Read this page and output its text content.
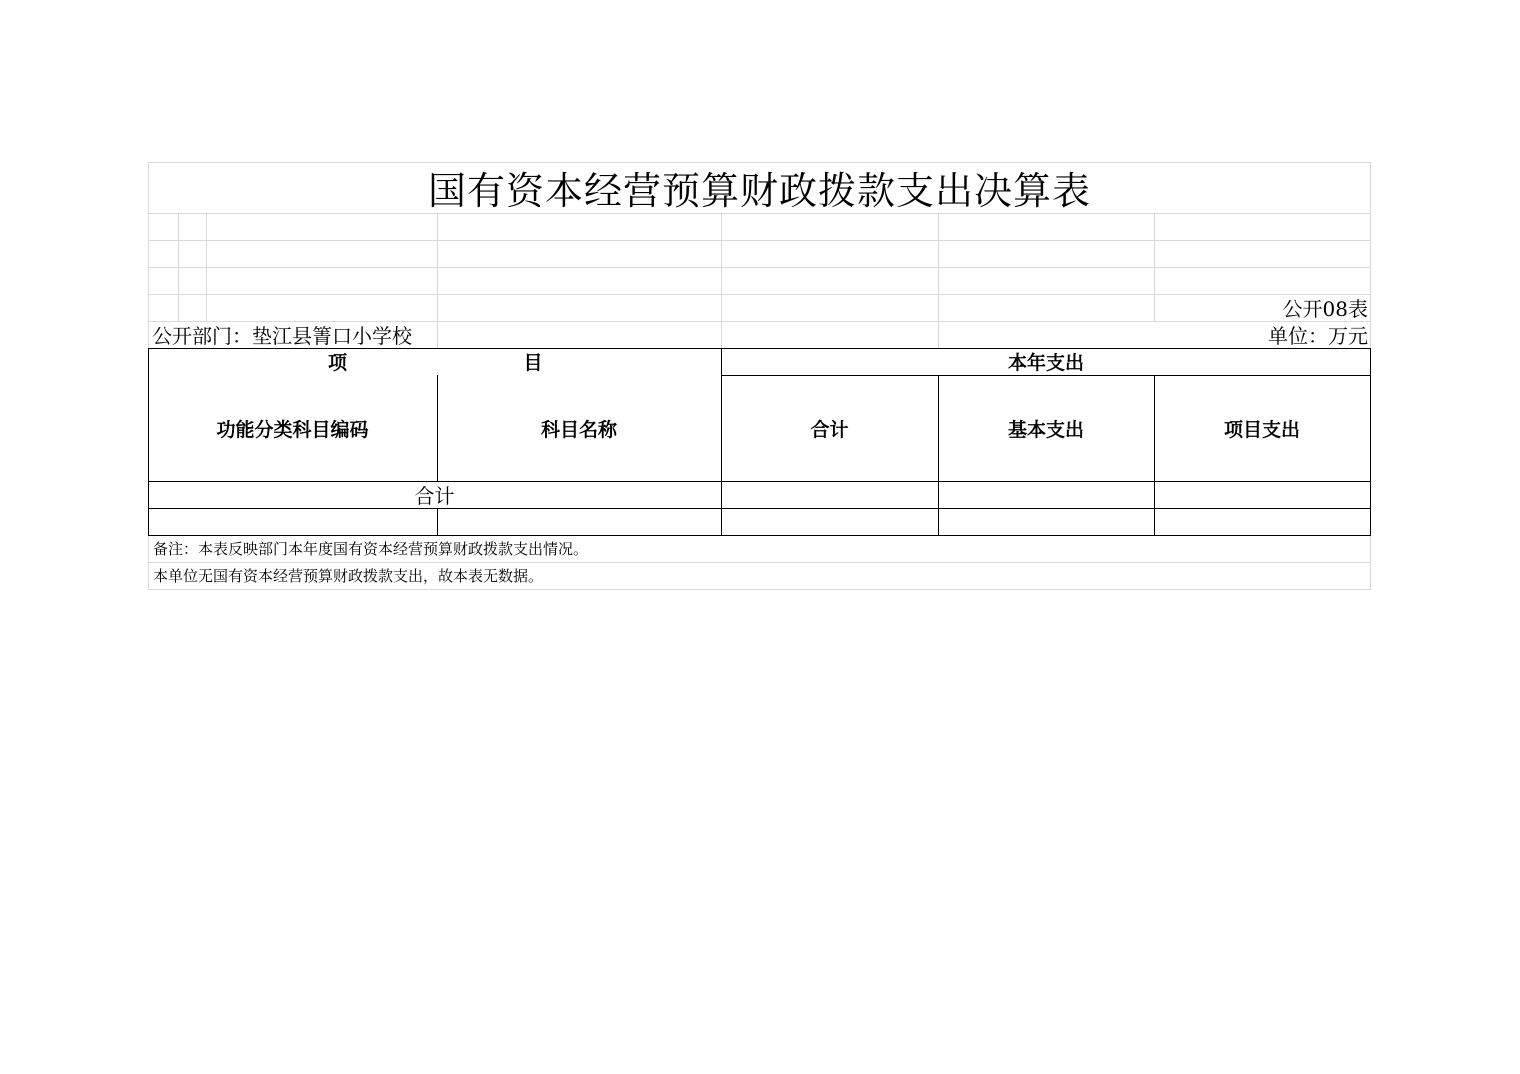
国有资本经营预算财政拨款支出决算表
公开08表
公开部门：垫江县箐口小学校	单位：万元
项	目	本年支出
功能分类科目编码	科目名称	合计	基本支出	项目支出
合计
备注：本表反映部门本年度国有资本经营预算财政拨款支出情况。
本单位无国有资本经营预算财政拨款支出，故本表无数据。
